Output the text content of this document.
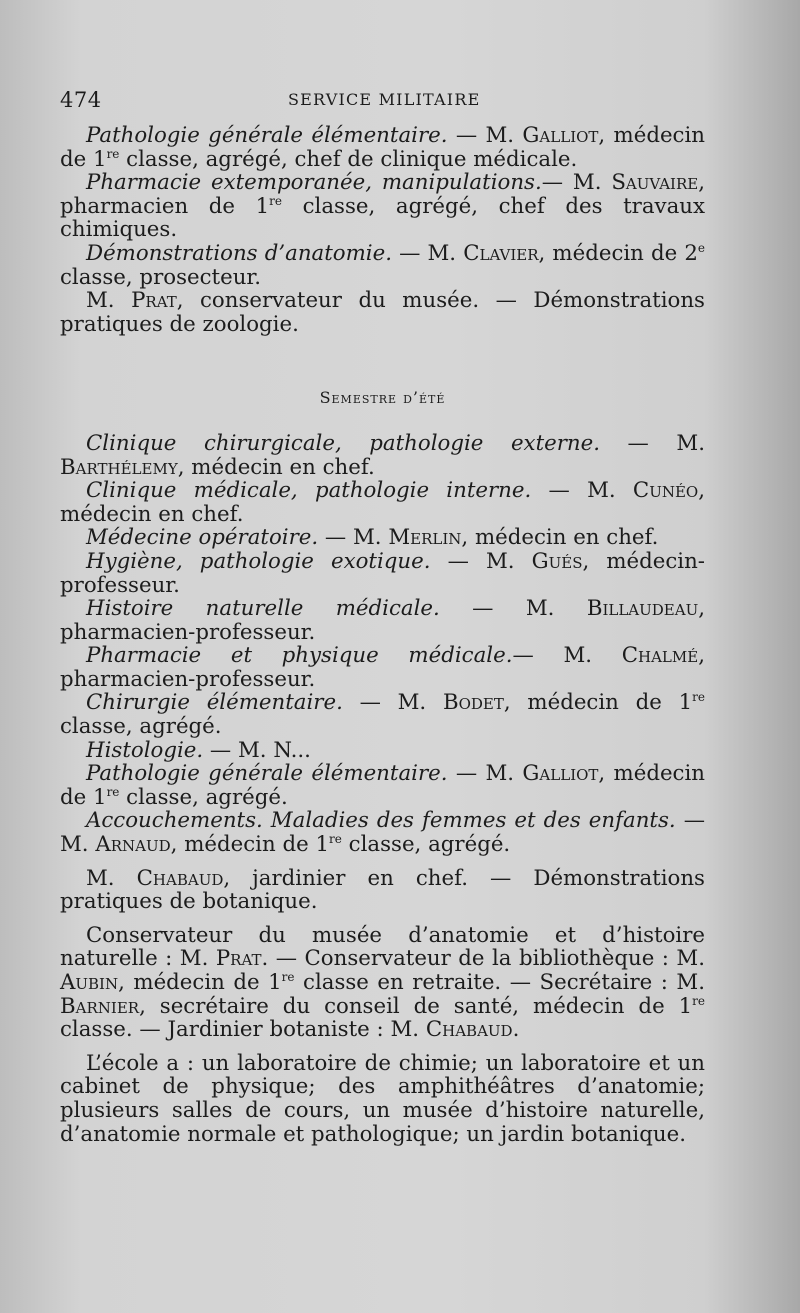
474	SERVICE MILITAIRE

Pathologie générale élémentaire. — M. Galliot, médecin de 1re classe, agrégé, chef de clinique médicale.

Pharmacie extemporanée, manipulations.— M. Sauvaire, pharmacien de 1re classe, agrégé, chef des travaux chimiques.

Démonstrations d’anatomie. — M. Clavier, médecin de 2e classe, prosecteur.

M. Prat, conservateur du musée. — Démonstrations pratiques de zoologie.

Semestre d’été

Clinique chirurgicale, pathologie externe. — M. Barthélemy, médecin en chef.

Clinique médicale, pathologie interne. — M. Cunéo, médecin en chef.

Médecine opératoire. — M. Merlin, médecin en chef.

Hygiène, pathologie exotique. — M. Gués, médecin-professeur.

Histoire naturelle médicale. — M. Billaudeau, pharmacien-professeur.

Pharmacie et physique médicale.— M. Chalmé, pharmacien-professeur.

Chirurgie élémentaire. — M. Bodet, médecin de 1re classe, agrégé.

Histologie. — M. N...

Pathologie générale élémentaire. — M. Galliot, médecin de 1re classe, agrégé.

Accouchements. Maladies des femmes et des enfants. — M. Arnaud, médecin de 1re classe, agrégé.

M. Chabaud, jardinier en chef. — Démonstrations pratiques de botanique.

Conservateur du musée d’anatomie et d’histoire naturelle : M. Prat. — Conservateur de la bibliothèque : M. Aubin, médecin de 1re classe en retraite. — Secrétaire : M. Barnier, secrétaire du conseil de santé, médecin de 1re classe. — Jardinier botaniste : M. Chabaud.

L’école a : un laboratoire de chimie; un laboratoire et un cabinet de physique; des amphithéâtres d’anatomie; plusieurs salles de cours, un musée d’histoire naturelle, d’anatomie normale et pathologique; un jardin botanique.
